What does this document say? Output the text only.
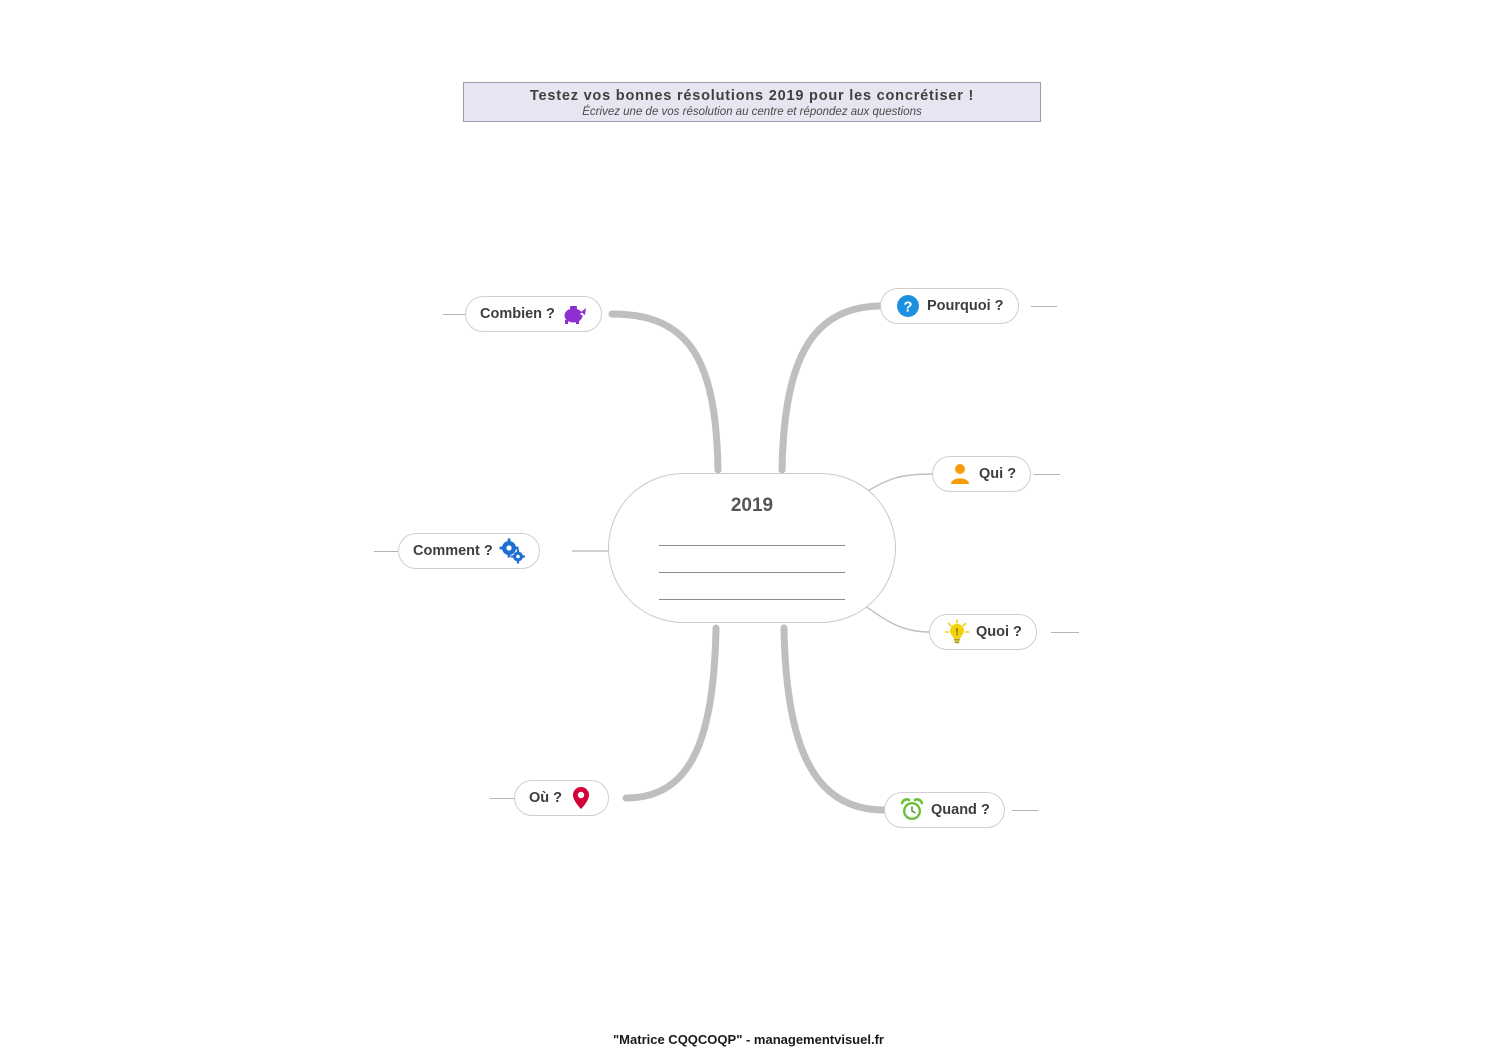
Testez vos bonnes résolutions 2019 pour les concrétiser !
Écrivez une de vos résolution au centre et répondez aux questions
2019
Combien ?	? Pourquoi ?
Qui ?
Comment ?
! Quoi ?
Où ?
Quand ?
"Matrice CQQCOQP" - managementvisuel.fr
